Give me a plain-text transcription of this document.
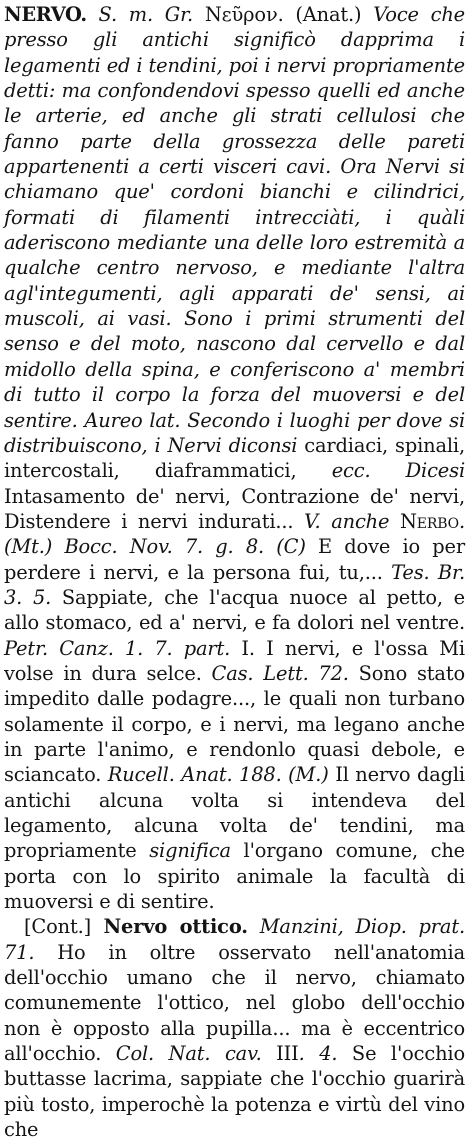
NERVO. S. m. Gr. Νεῦρον. (Anat.) Voce che presso gli antichi significò dapprima i legamenti ed i tendini, poi i nervi propriamente detti: ma confondendovi spesso quelli ed anche le arterie, ed anche gli strati cellulosi che fanno parte della grossezza delle pareti appartenenti a certi visceri cavi. Ora Nervi si chiamano que' cordoni bianchi e cilindrici, formati di filamenti intrecciàti, i quàli aderiscono mediante una delle loro estremità a qualche centro nervoso, e mediante l'altra agl'integumenti, agli apparati de' sensi, ai muscoli, ai vasi. Sono i primi strumenti del senso e del moto, nascono dal cervello e dal midollo della spina, e conferiscono a' membri di tutto il corpo la forza del muoversi e del sentire. Aureo lat. Secondo i luoghi per dove si distribuiscono, i Nervi diconsi cardiaci, spinali, intercostali, diaframmatici, ecc. Dicesi Intasamento de' nervi, Contrazione de' nervi, Distendere i nervi indurati... V. anche Nerbo. (Mt.) Bocc. Nov. 7. g. 8. (C) E dove io per perdere i nervi, e la persona fui, tu,... Tes. Br. 3. 5. Sappiate, che l'acqua nuoce al petto, e allo stomaco, ed a' nervi, e fa dolori nel ventre. Petr. Canz. 1. 7. part. I. I nervi, e l'ossa Mi volse in dura selce. Cas. Lett. 72. Sono stato impedito dalle podagre..., le quali non turbano solamente il corpo, e i nervi, ma legano anche in parte l'animo, e rendonlo quasi debole, e sciancato. Rucell. Anat. 188. (M.) Il nervo dagli antichi alcuna volta si intendeva del legamento, alcuna volta de' tendini, ma propriamente significa l'organo comune, che porta con lo spirito animale la facultà di muoversi e di sentire.

[Cont.] Nervo ottico. Manzini, Diop. prat. 71. Ho in oltre osservato nell'anatomia dell'occhio umano che il nervo, chiamato comunemente l'ottico, nel globo dell'occhio non è opposto alla pupilla... ma è eccentrico all'occhio. Col. Nat. cav. III. 4. Se l'occhio buttasse lacrima, sappiate che l'occhio guarirà più tosto, imperochè la potenza e virtù del vino che
